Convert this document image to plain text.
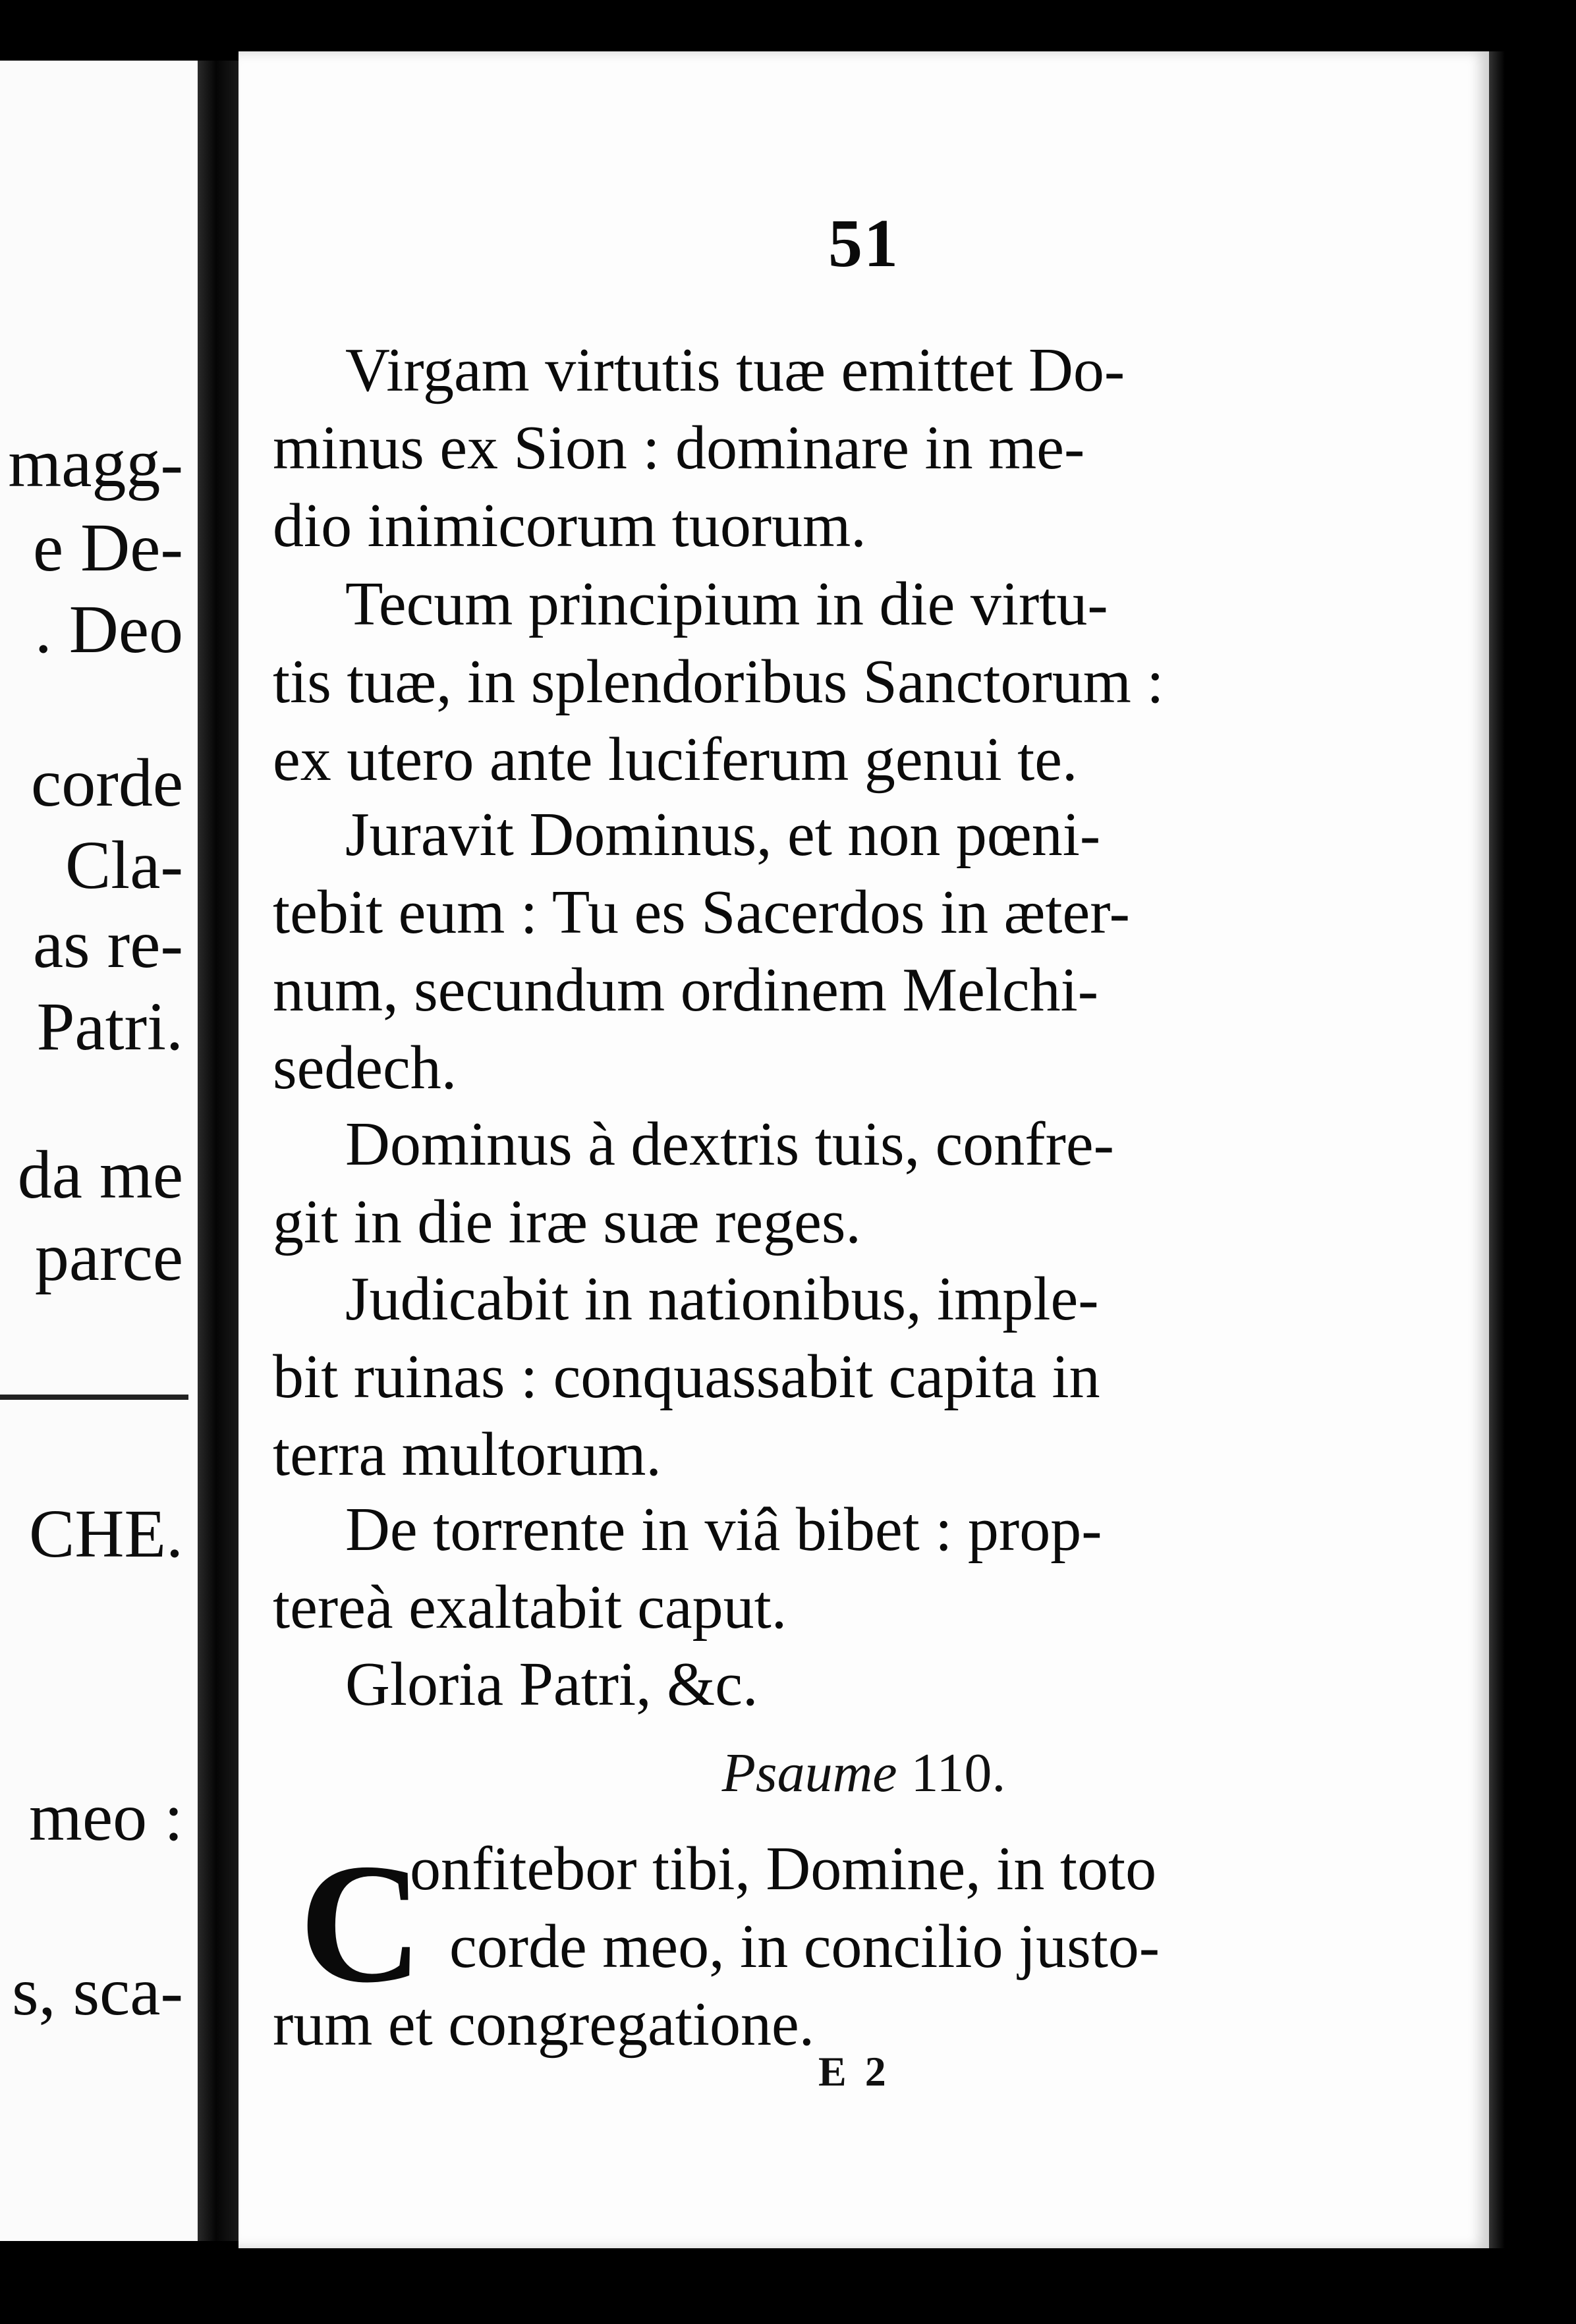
magg-
e De-
. Deo
corde
Cla-
as re-
Patri.
da me
parce
CHE.
meo :
s, sca-
51
Virgam virtutis tuæ emittet Do-
minus ex Sion : dominare in me-
dio inimicorum tuorum.
Tecum principium in die virtu-
tis tuæ, in splendoribus Sanctorum :
ex utero ante luciferum genui te.
Juravit Dominus, et non pœni-
tebit eum : Tu es Sacerdos in æter-
num, secundum ordinem Melchi-
sedech.
Dominus à dextris tuis, confre-
git in die iræ suæ reges.
Judicabit in nationibus, imple-
bit ruinas : conquassabit capita in
terra multorum.
De torrente in viâ bibet : prop-
tereà exaltabit caput.
Gloria Patri, &c.
Psaume 110.
C
onfitebor tibi, Domine, in toto
corde meo, in concilio justo-
rum et congregatione.
E 2
